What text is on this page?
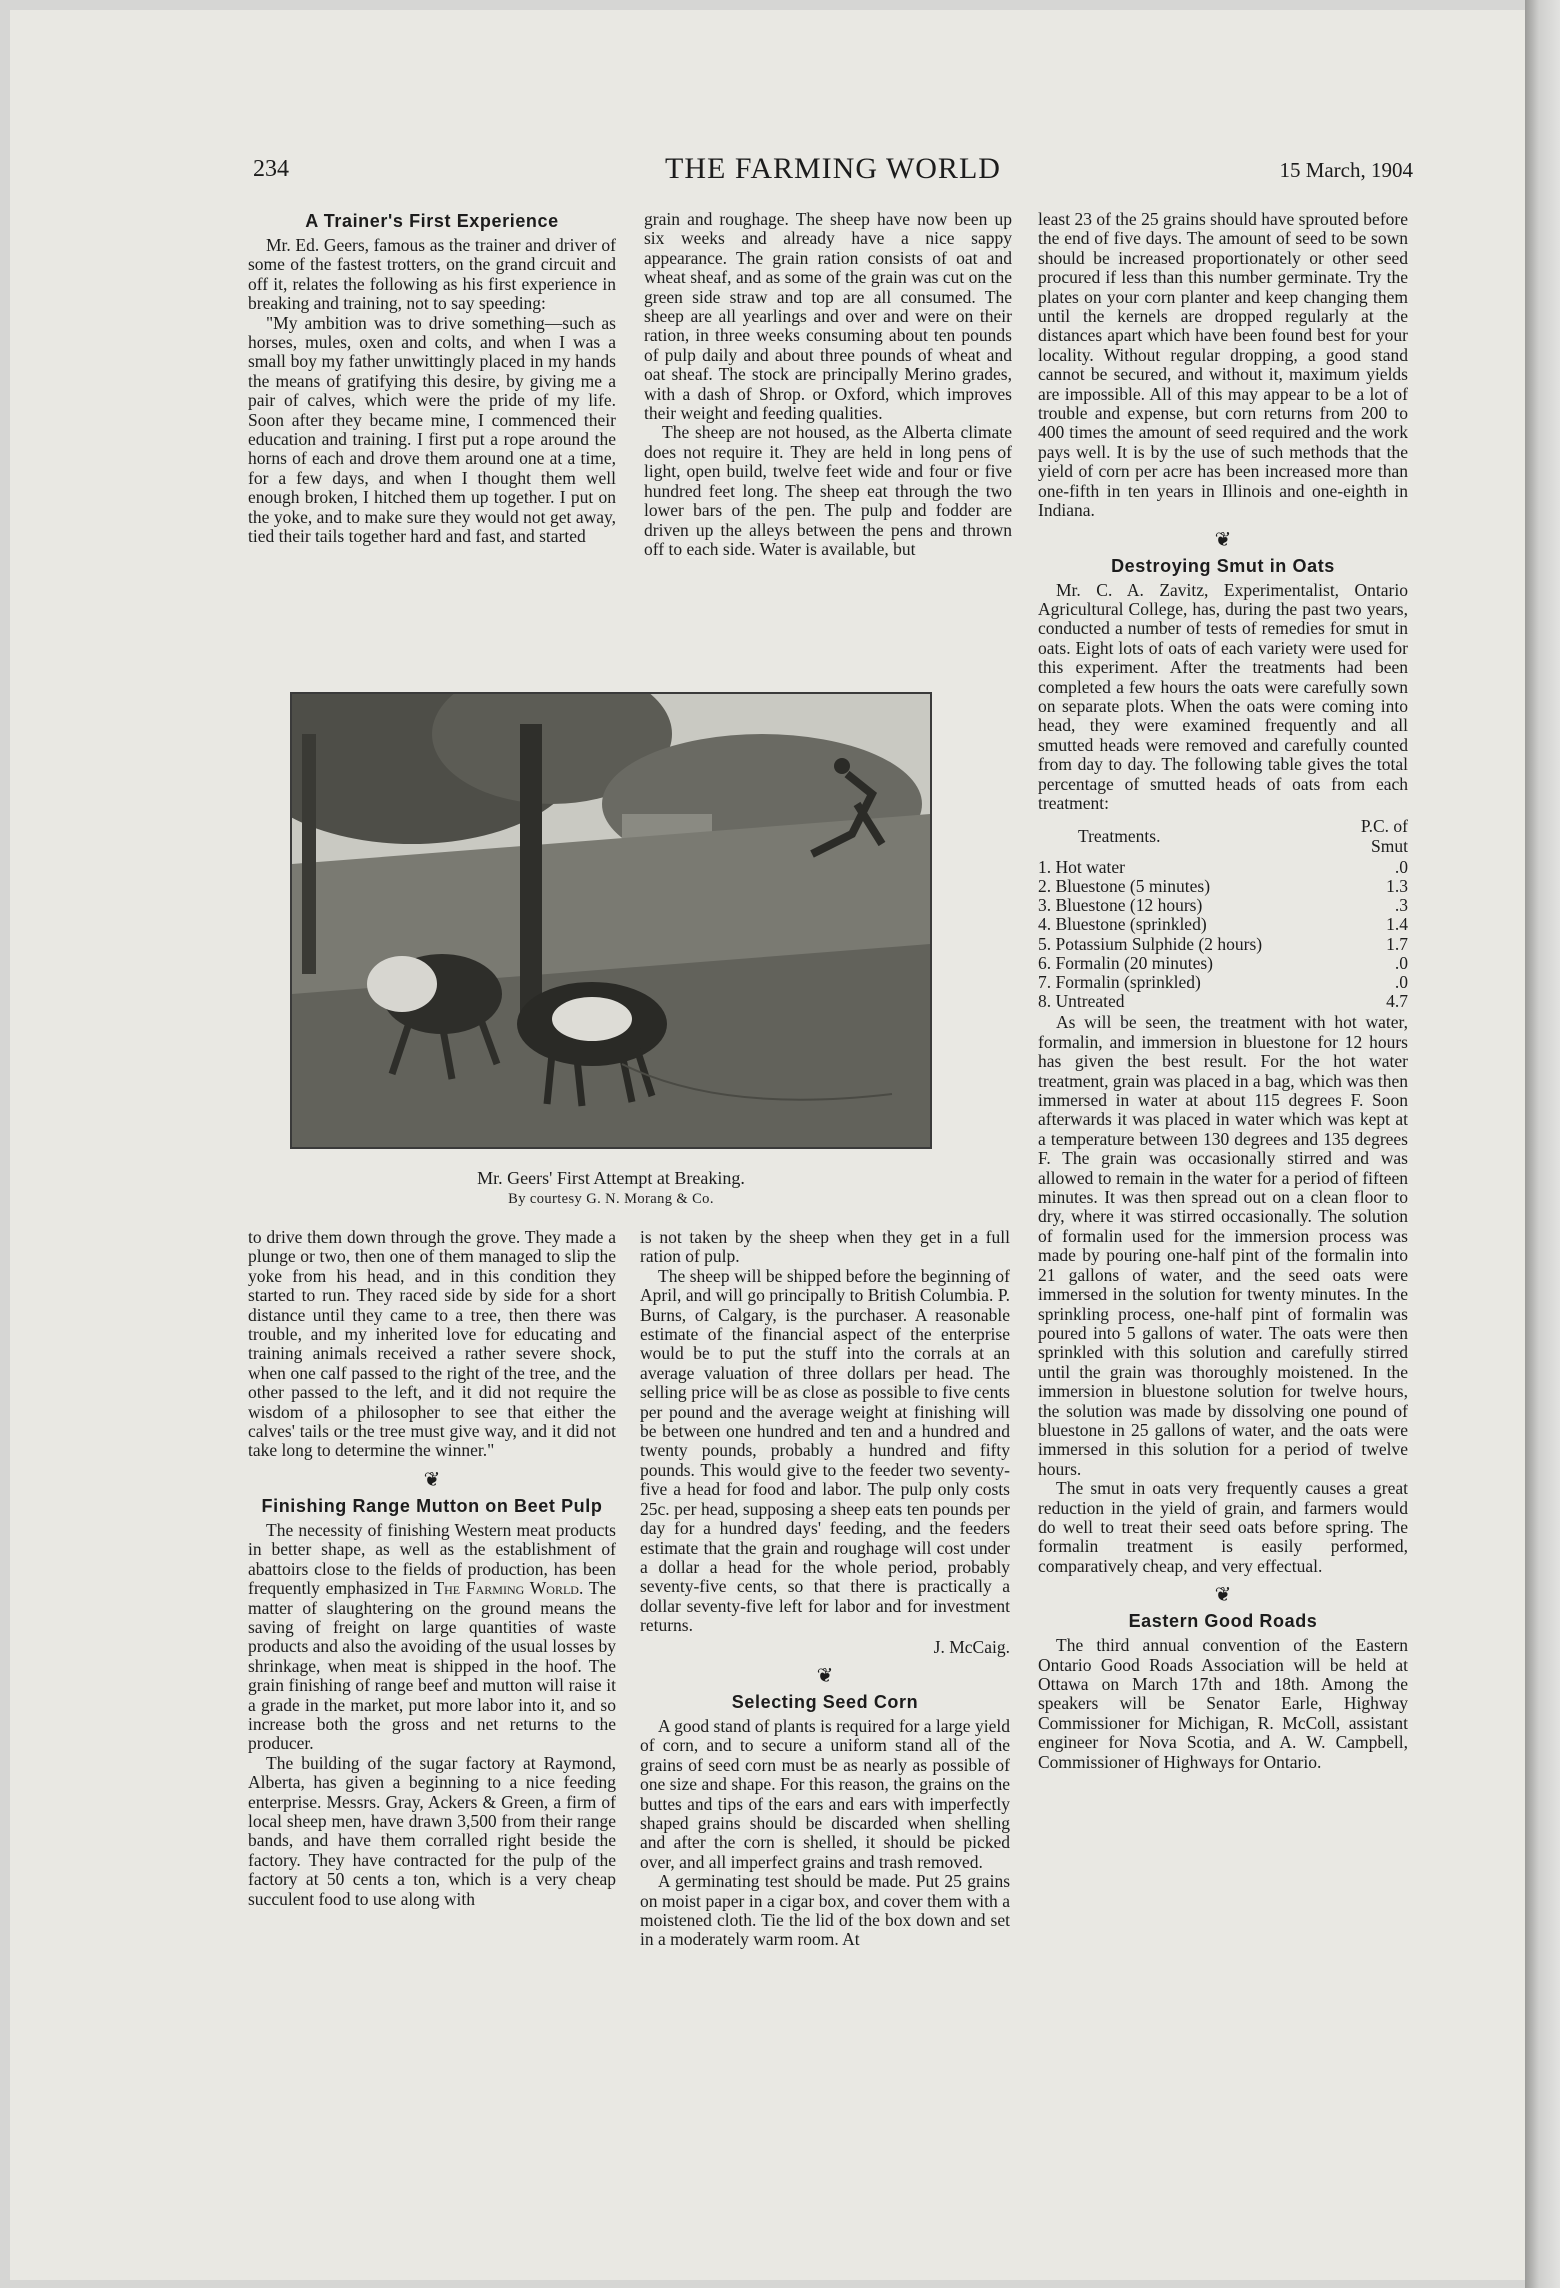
234	THE FARMING WORLD	15 March, 1904
A Trainer's First Experience

Mr. Ed. Geers, famous as the trainer and driver of some of the fastest trotters, on the grand circuit and off it, relates the following as his first experience in breaking and training, not to say speeding:

"My ambition was to drive something—such as horses, mules, oxen and colts, and when I was a small boy my father unwittingly placed in my hands the means of gratifying this desire, by giving me a pair of calves, which were the pride of my life. Soon after they became mine, I commenced their education and training. I first put a rope around the horns of each and drove them around one at a time, for a few days, and when I thought them well enough broken, I hitched them up together. I put on the yoke, and to make sure they would not get away, tied their tails together hard and fast, and started

grain and roughage. The sheep have now been up six weeks and already have a nice sappy appearance. The grain ration consists of oat and wheat sheaf, and as some of the grain was cut on the green side straw and top are all consumed. The sheep are all yearlings and over and were on their ration, in three weeks consuming about ten pounds of pulp daily and about three pounds of wheat and oat sheaf. The stock are principally Merino grades, with a dash of Shrop. or Oxford, which improves their weight and feeding qualities.

The sheep are not housed, as the Alberta climate does not require it. They are held in long pens of light, open build, twelve feet wide and four or five hundred feet long. The sheep eat through the two lower bars of the pen. The pulp and fodder are driven up the alleys between the pens and thrown off to each side. Water is available, but

least 23 of the 25 grains should have sprouted before the end of five days. The amount of seed to be sown should be increased proportionately or other seed procured if less than this number germinate. Try the plates on your corn planter and keep changing them until the kernels are dropped regularly at the distances apart which have been found best for your locality. Without regular dropping, a good stand cannot be secured, and without it, maximum yields are impossible. All of this may appear to be a lot of trouble and expense, but corn returns from 200 to 400 times the amount of seed required and the work pays well. It is by the use of such methods that the yield of corn per acre has been increased more than one-fifth in ten years in Illinois and one-eighth in Indiana.

❦
Destroying Smut in Oats

Mr. C. A. Zavitz, Experimentalist, Ontario Agricultural College, has, during the past two years, conducted a number of tests of remedies for smut in oats. Eight lots of oats of each variety were used for this experiment. After the treatments had been completed a few hours the oats were carefully sown on separate plots. When the oats were coming into head, they were examined frequently and all smutted heads were removed and carefully counted from day to day. The following table gives the total percentage of smutted heads of oats from each treatment:

Treatments.	P.C. of Smut
1. Hot water	.0
2. Bluestone (5 minutes)	1.3
3. Bluestone (12 hours)	.3
4. Bluestone (sprinkled)	1.4
5. Potassium Sulphide (2 hours)	1.7
6. Formalin (20 minutes)	.0
7. Formalin (sprinkled)	.0
8. Untreated	4.7

As will be seen, the treatment with hot water, formalin, and immersion in bluestone for 12 hours has given the best result. For the hot water treatment, grain was placed in a bag, which was then immersed in water at about 115 degrees F. Soon afterwards it was placed in water which was kept at a temperature between 130 degrees and 135 degrees F. The grain was occasionally stirred and was allowed to remain in the water for a period of fifteen minutes. It was then spread out on a clean floor to dry, where it was stirred occasionally. The solution of formalin used for the immersion process was made by pouring one-half pint of the formalin into 21 gallons of water, and the seed oats were immersed in the solution for twenty minutes. In the sprinkling process, one-half pint of formalin was poured into 5 gallons of water. The oats were then sprinkled with this solution and carefully stirred until the grain was thoroughly moistened. In the immersion in bluestone solution for twelve hours, the solution was made by dissolving one pound of bluestone in 25 gallons of water, and the oats were immersed in this solution for a period of twelve hours.

The smut in oats very frequently causes a great reduction in the yield of grain, and farmers would do well to treat their seed oats before spring. The formalin treatment is easily performed, comparatively cheap, and very effectual.

❦
Eastern Good Roads

The third annual convention of the Eastern Ontario Good Roads Association will be held at Ottawa on March 17th and 18th. Among the speakers will be Senator Earle, Highway Commissioner for Michigan, R. McColl, assistant engineer for Nova Scotia, and A. W. Campbell, Commissioner of Highways for Ontario.

Mr. Geers' First Attempt at Breaking.
By courtesy G. N. Morang & Co.

to drive them down through the grove. They made a plunge or two, then one of them managed to slip the yoke from his head, and in this condition they started to run. They raced side by side for a short distance until they came to a tree, then there was trouble, and my inherited love for educating and training animals received a rather severe shock, when one calf passed to the right of the tree, and the other passed to the left, and it did not require the wisdom of a philosopher to see that either the calves' tails or the tree must give way, and it did not take long to determine the winner."

❦
Finishing Range Mutton on Beet Pulp

The necessity of finishing Western meat products in better shape, as well as the establishment of abattoirs close to the fields of production, has been frequently emphasized in The Farming World. The matter of slaughtering on the ground means the saving of freight on large quantities of waste products and also the avoiding of the usual losses by shrinkage, when meat is shipped in the hoof. The grain finishing of range beef and mutton will raise it a grade in the market, put more labor into it, and so increase both the gross and net returns to the producer.

The building of the sugar factory at Raymond, Alberta, has given a beginning to a nice feeding enterprise. Messrs. Gray, Ackers & Green, a firm of local sheep men, have drawn 3,500 from their range bands, and have them corralled right beside the factory. They have contracted for the pulp of the factory at 50 cents a ton, which is a very cheap succulent food to use along with

is not taken by the sheep when they get in a full ration of pulp.

The sheep will be shipped before the beginning of April, and will go principally to British Columbia. P. Burns, of Calgary, is the purchaser. A reasonable estimate of the financial aspect of the enterprise would be to put the stuff into the corrals at an average valuation of three dollars per head. The selling price will be as close as possible to five cents per pound and the average weight at finishing will be between one hundred and ten and a hundred and twenty pounds, probably a hundred and fifty pounds. This would give to the feeder two seventy-five a head for food and labor. The pulp only costs 25c. per head, supposing a sheep eats ten pounds per day for a hundred days' feeding, and the feeders estimate that the grain and roughage will cost under a dollar a head for the whole period, probably seventy-five cents, so that there is practically a dollar seventy-five left for labor and for investment returns.

J. McCaig.
❦
Selecting Seed Corn

A good stand of plants is required for a large yield of corn, and to secure a uniform stand all of the grains of seed corn must be as nearly as possible of one size and shape. For this reason, the grains on the buttes and tips of the ears and ears with imperfectly shaped grains should be discarded when shelling and after the corn is shelled, it should be picked over, and all imperfect grains and trash removed.

A germinating test should be made. Put 25 grains on moist paper in a cigar box, and cover them with a moistened cloth. Tie the lid of the box down and set in a moderately warm room. At
